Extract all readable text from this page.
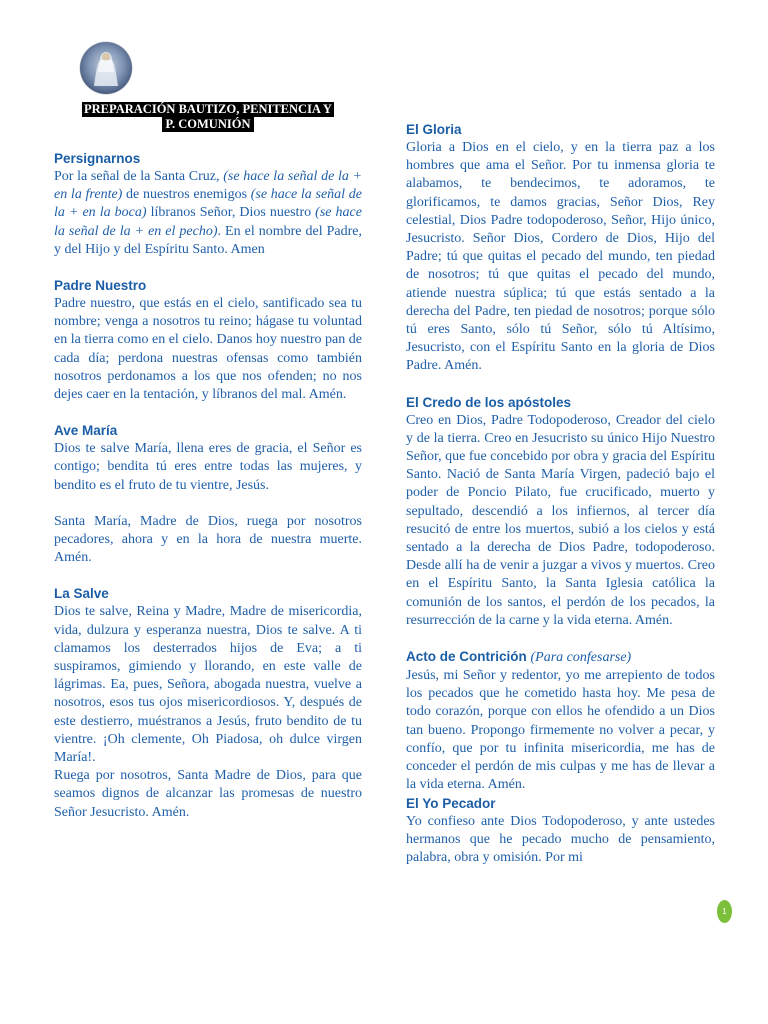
PREPARACIÓN BAUTIZO, PENITENCIA Y
P. COMUNIÓN
Persignarnos

Por la señal de la Santa Cruz, (se hace la señal de la + en la frente) de nuestros enemigos (se hace la señal de la + en la boca) líbranos Señor, Dios nuestro (se hace la señal de la + en el pecho). En el nombre del Padre, y del Hijo y del Espíritu Santo. Amen

Padre Nuestro

Padre nuestro, que estás en el cielo, santificado sea tu nombre; venga a nosotros tu reino; hágase tu voluntad en la tierra como en el cielo. Danos hoy nuestro pan de cada día; perdona nuestras ofensas como también nosotros perdonamos a los que nos ofenden; no nos dejes caer en la tentación, y líbranos del mal. Amén.

Ave María

Dios te salve María, llena eres de gracia, el Señor es contigo; bendita tú eres entre todas las mujeres, y bendito es el fruto de tu vientre, Jesús.

Santa María, Madre de Dios, ruega por nosotros pecadores, ahora y en la hora de nuestra muerte. Amén.

La Salve

Dios te salve, Reina y Madre, Madre de misericordia, vida, dulzura y esperanza nuestra, Dios te salve. A ti clamamos los desterrados hijos de Eva; a ti suspiramos, gimiendo y llorando, en este valle de lágrimas. Ea, pues, Señora, abogada nuestra, vuelve a nosotros, esos tus ojos misericordiosos. Y, después de este destierro, muéstranos a Jesús, fruto bendito de tu vientre. ¡Oh clemente, Oh Piadosa, oh dulce virgen María!.

Ruega por nosotros, Santa Madre de Dios, para que seamos dignos de alcanzar las promesas de nuestro Señor Jesucristo. Amén.

El Gloria

Gloria a Dios en el cielo, y en la tierra paz a los hombres que ama el Señor. Por tu inmensa gloria te alabamos, te bendecimos, te adoramos, te glorificamos, te damos gracias, Señor Dios, Rey celestial, Dios Padre todopoderoso, Señor, Hijo único, Jesucristo. Señor Dios, Cordero de Dios, Hijo del Padre; tú que quitas el pecado del mundo, ten piedad de nosotros; tú que quitas el pecado del mundo, atiende nuestra súplica; tú que estás sentado a la derecha del Padre, ten piedad de nosotros; porque sólo tú eres Santo, sólo tú Señor, sólo tú Altísimo, Jesucristo, con el Espíritu Santo en la gloria de Dios Padre. Amén.

El Credo de los apóstoles

Creo en Dios, Padre Todopoderoso, Creador del cielo y de la tierra. Creo en Jesucristo su único Hijo Nuestro Señor, que fue concebido por obra y gracia del Espíritu Santo. Nació de Santa María Virgen, padeció bajo el poder de Poncio Pilato, fue crucificado, muerto y sepultado, descendió a los infiernos, al tercer día resucitó de entre los muertos, subió a los cielos y está sentado a la derecha de Dios Padre, todopoderoso. Desde allí ha de venir a juzgar a vivos y muertos. Creo en el Espíritu Santo, la Santa Iglesia católica la comunión de los santos, el perdón de los pecados, la resurrección de la carne y la vida eterna. Amén.

Acto de Contrición (Para confesarse)

Jesús, mi Señor y redentor, yo me arrepiento de todos los pecados que he cometido hasta hoy. Me pesa de todo corazón, porque con ellos he ofendido a un Dios tan bueno. Propongo firmemente no volver a pecar, y confío, que por tu infinita misericordia, me has de conceder el perdón de mis culpas y me has de llevar a la vida eterna. Amén.

El Yo Pecador

Yo confieso ante Dios Todopoderoso, y ante ustedes hermanos que he pecado mucho de pensamiento, palabra, obra y omisión. Por mi

1
